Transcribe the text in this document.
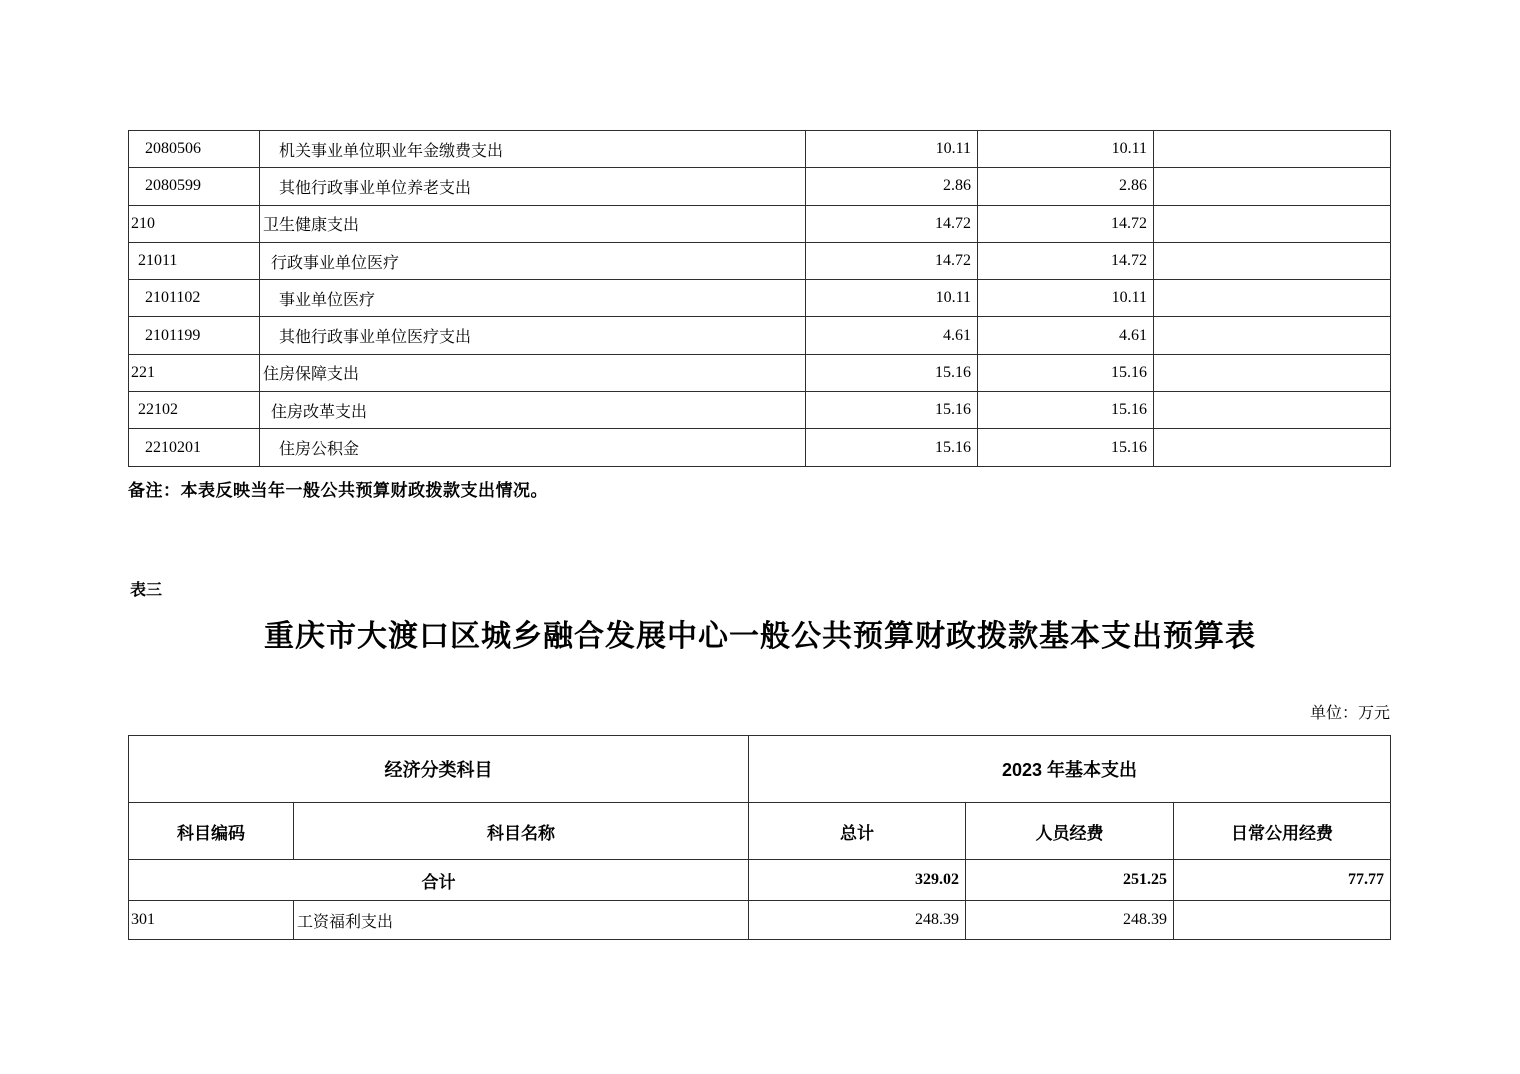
2080506	机关事业单位职业年金缴费支出	10.11	10.11	
2080599	其他行政事业单位养老支出	2.86	2.86	
210	卫生健康支出	14.72	14.72	
21011	行政事业单位医疗	14.72	14.72	
2101102	事业单位医疗	10.11	10.11	
2101199	其他行政事业单位医疗支出	4.61	4.61	
221	住房保障支出	15.16	15.16	
22102	住房改革支出	15.16	15.16	
2210201	住房公积金	15.16	15.16	
备注：本表反映当年一般公共预算财政拨款支出情况。
表三
重庆市大渡口区城乡融合发展中心一般公共预算财政拨款基本支出预算表
单位：万元
经济分类科目		2023 年基本支出		
科目编码	科目名称	总计	人员经费	日常公用经费
合计		329.02	251.25	77.77
301	工资福利支出	248.39	248.39	
